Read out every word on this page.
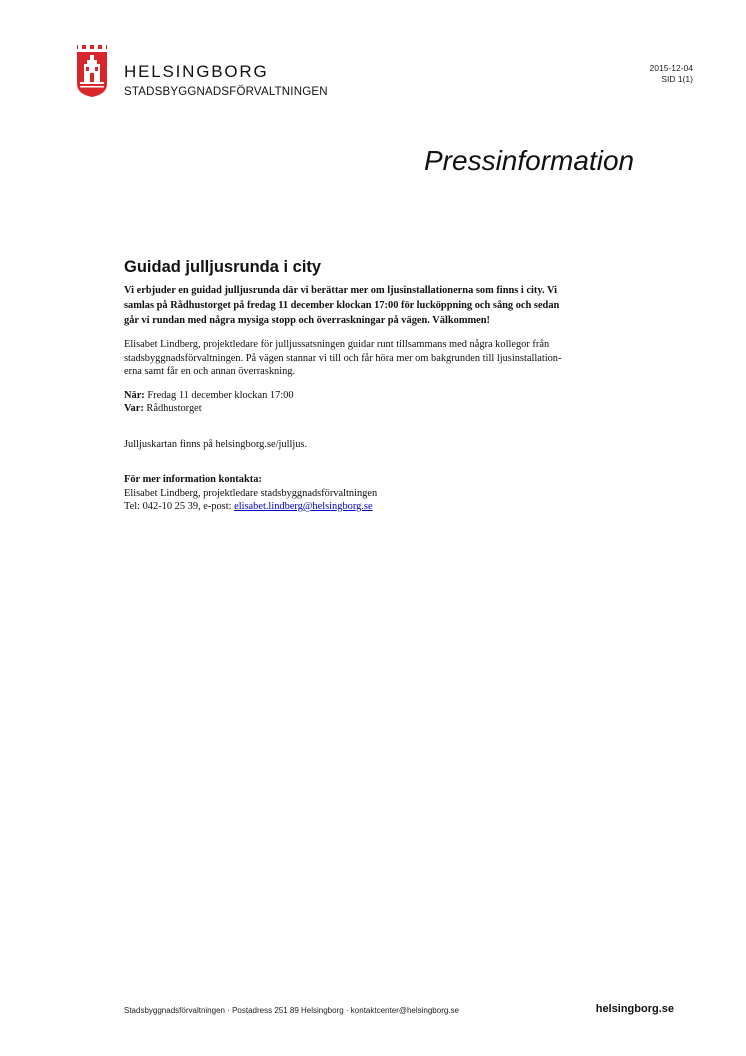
HELSINGBORG
STADSBYGGNADSFÖRVALTNINGEN
2015-12-04
SID 1(1)
Pressinformation
Guidad julljusrunda i city

Vi erbjuder en guidad julljusrunda där vi berättar mer om ljusinstallationerna som finns i city. Vi
samlas på Rådhustorget på fredag 11 december klockan 17:00 för lucköppning och sång och sedan
går vi rundan med några mysiga stopp och överraskningar på vägen. Välkommen!

Elisabet Lindberg, projektledare för julljussatsningen guidar runt tillsammans med några kollegor från
stadsbyggnadsförvaltningen. På vägen stannar vi till och får höra mer om bakgrunden till ljusinstallation-
erna samt får en och annan överraskning.

När: Fredag 11 december klockan 17:00
Var: Rådhustorget

Julljuskartan finns på helsingborg.se/julljus.

För mer information kontakta:
Elisabet Lindberg, projektledare stadsbyggnadsförvaltningen
Tel: 042-10 25 39, e-post: elisabet.lindberg@helsingborg.se

Stadsbyggnadsförvaltningen · Postadress 251 89 Helsingborg · kontaktcenter@helsingborg.se	helsingborg.se
